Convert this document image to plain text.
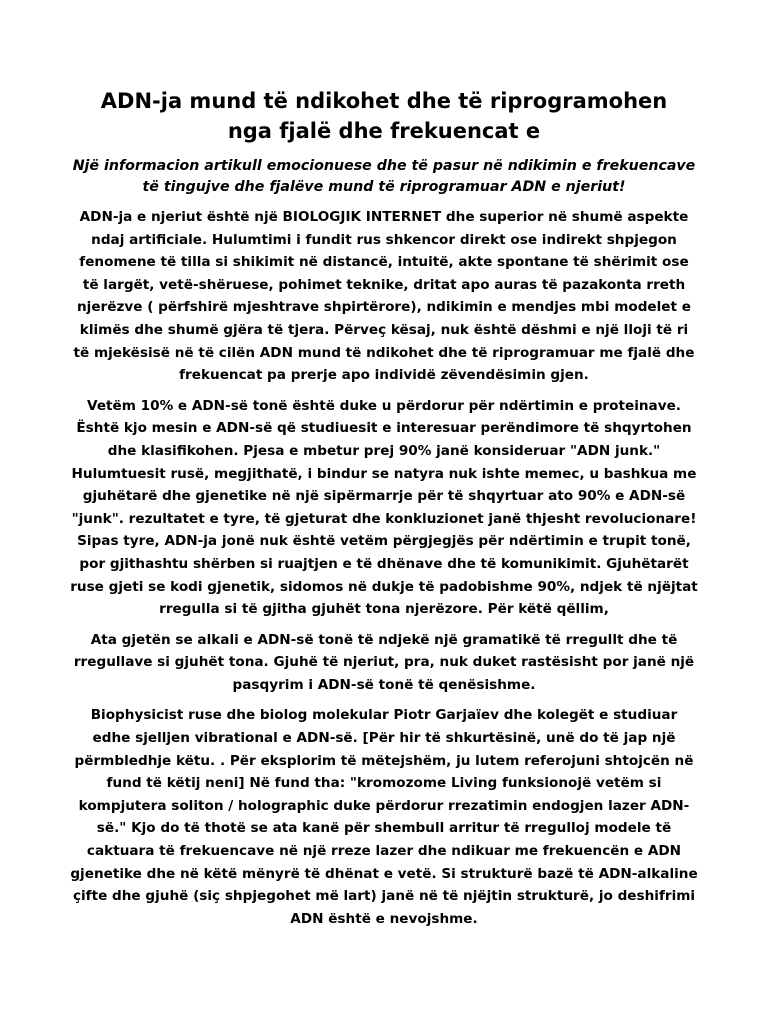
ADN-ja mund të ndikohet dhe të riprogramohen
nga fjalë dhe frekuencat e

Një informacion artikull emocionuese dhe të pasur në ndikimin e frekuencave të tingujve dhe fjalëve mund të riprogramuar ADN e njeriut!

ADN-ja e njeriut është një BIOLOGJIK INTERNET dhe superior në shumë aspekte ndaj artificiale. Hulumtimi i fundit rus shkencor direkt ose indirekt shpjegon fenomene të tilla si shikimit në distancë, intuitë, akte spontane të shërimit ose të largët, vetë-shëruese, pohimet teknike, dritat apo auras të pazakonta rreth njerëzve ( përfshirë mjeshtrave shpirtërore), ndikimin e mendjes mbi modelet e klimës dhe shumë gjëra të tjera. Përveç kësaj, nuk është dëshmi e një lloji të ri të mjekësisë në të cilën ADN mund të ndikohet dhe të riprogramuar me fjalë dhe frekuencat pa prerje apo individë zëvendësimin gjen.

Vetëm 10% e ADN-së tonë është duke u përdorur për ndërtimin e proteinave. Është kjo mesin e ADN-së që studiuesit e interesuar perëndimore të shqyrtohen dhe klasifikohen. Pjesa e mbetur prej 90% janë konsideruar "ADN junk." Hulumtuesit rusë, megjithatë, i bindur se natyra nuk ishte memec, u bashkua me gjuhëtarë dhe gjenetike në një sipërmarrje për të shqyrtuar ato 90% e ADN-së "junk". rezultatet e tyre, të gjeturat dhe konkluzionet janë thjesht revolucionare! Sipas tyre, ADN-ja jonë nuk është vetëm përgjegjës për ndërtimin e trupit tonë, por gjithashtu shërben si ruajtjen e të dhënave dhe të komunikimit. Gjuhëtarët ruse gjeti se kodi gjenetik, sidomos në dukje të padobishme 90%, ndjek të njëjtat rregulla si të gjitha gjuhët tona njerëzore. Për këtë qëllim,

Ata gjetën se alkali e ADN-së tonë të ndjekë një gramatikë të rregullt dhe të rregullave si gjuhët tona. Gjuhë të njeriut, pra, nuk duket rastësisht por janë një pasqyrim i ADN-së tonë të qenësishme.

Biophysicist ruse dhe biolog molekular Piotr Garjaïev dhe kolegët e studiuar edhe sjelljen vibrational e ADN-së. [Për hir të shkurtësinë, unë do të jap një përmbledhje këtu. . Për eksplorim të mëtejshëm, ju lutem referojuni shtojcën në fund të këtij neni] Në fund tha: "kromozome Living funksionojë vetëm si kompjutera soliton / holographic duke përdorur rrezatimin endogjen lazer ADN-së." Kjo do të thotë se ata kanë për shembull arritur të rregulloj modele të caktuara të frekuencave në një rreze lazer dhe ndikuar me frekuencën e ADN gjenetike dhe në këtë mënyrë të dhënat e vetë. Si strukturë bazë të ADN-alkaline çifte dhe gjuhë (siç shpjegohet më lart) janë në të njëjtin strukturë, jo deshifrimi ADN është e nevojshme.
